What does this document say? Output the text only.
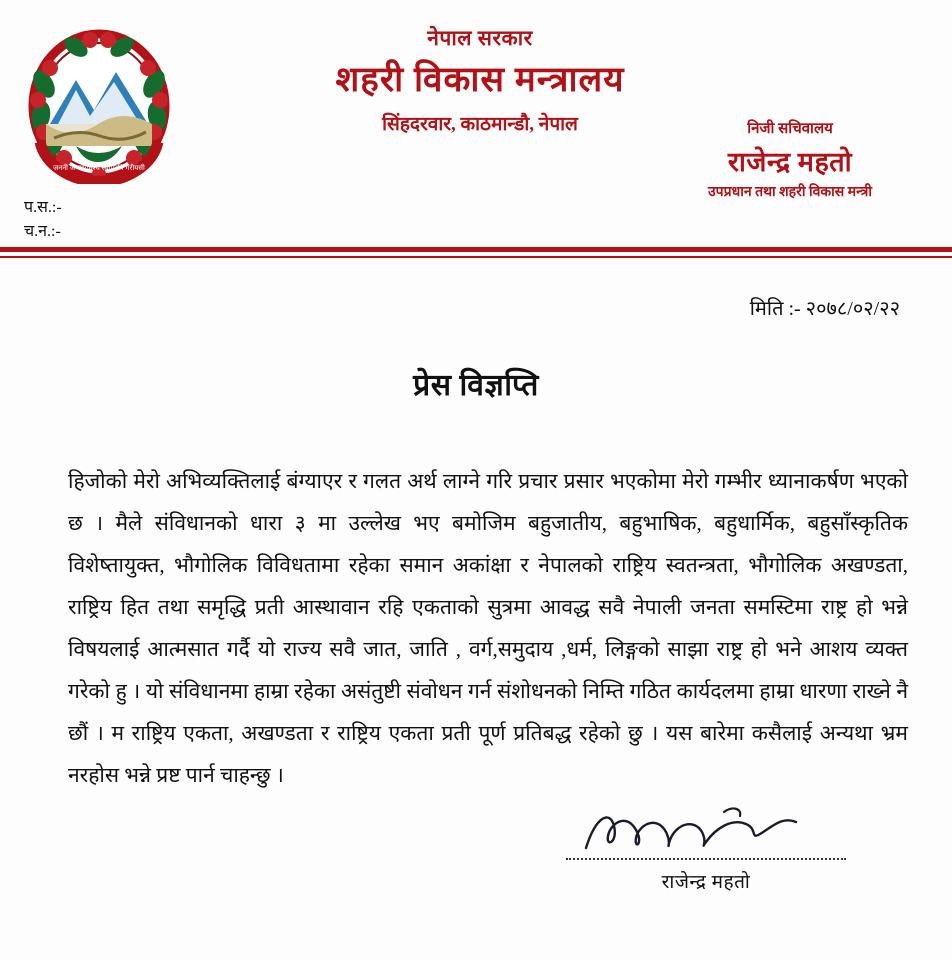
जननी जन्मभूमिश्च स्वर्गादपि गरीयसी
नेपाल सरकार
शहरी विकास मन्त्रालय
सिंहदरवार, काठमान्डौ, नेपाल	निजी सचिवालय
राजेन्द्र महतो
उपप्रधान तथा शहरी विकास मन्त्री
प.स.:-
च.न.:-
मिति :- २०७८/०२/२२
प्रेस विज्ञप्ति
हिजोको मेरो अभिव्यक्तिलाई बंग्याएर र गलत अर्थ लाग्ने गरि प्रचार प्रसार भएकोमा मेरो गम्भीर ध्यानाकर्षण भएको छ । मैले संविधानको धारा ३ मा उल्लेख भए बमोजिम बहुजातीय, बहुभाषिक, बहुधार्मिक, बहुसाँस्कृतिक विशेष्तायुक्त, भौगोलिक विविधतामा रहेका समान अकांक्षा र नेपालको राष्ट्रिय स्वतन्त्रता, भौगोलिक अखण्डता, राष्ट्रिय हित तथा समृद्धि प्रती आस्थावान रहि एकताको सुत्रमा आवद्ध सवै नेपाली जनता समस्टिमा राष्ट्र हो भन्ने विषयलाई आत्मसात गर्दै यो राज्य सवै जात, जाति , वर्ग,समुदाय ,धर्म, लिङ्गको साझा राष्ट्र हो भने आशय व्यक्त गरेको हु । यो संविधानमा हाम्रा रहेका असंतुष्टी संवोधन गर्न संशोधनको निम्ति गठित कार्यदलमा हाम्रा धारणा राख्ने नै छौं । म राष्ट्रिय एकता, अखण्डता र राष्ट्रिय एकता प्रती पूर्ण प्रतिबद्ध रहेको छु । यस बारेमा कसैलाई अन्यथा भ्रम नरहोस भन्ने प्रष्ट पार्न चाहन्छु ।
राजेन्द्र महतो
